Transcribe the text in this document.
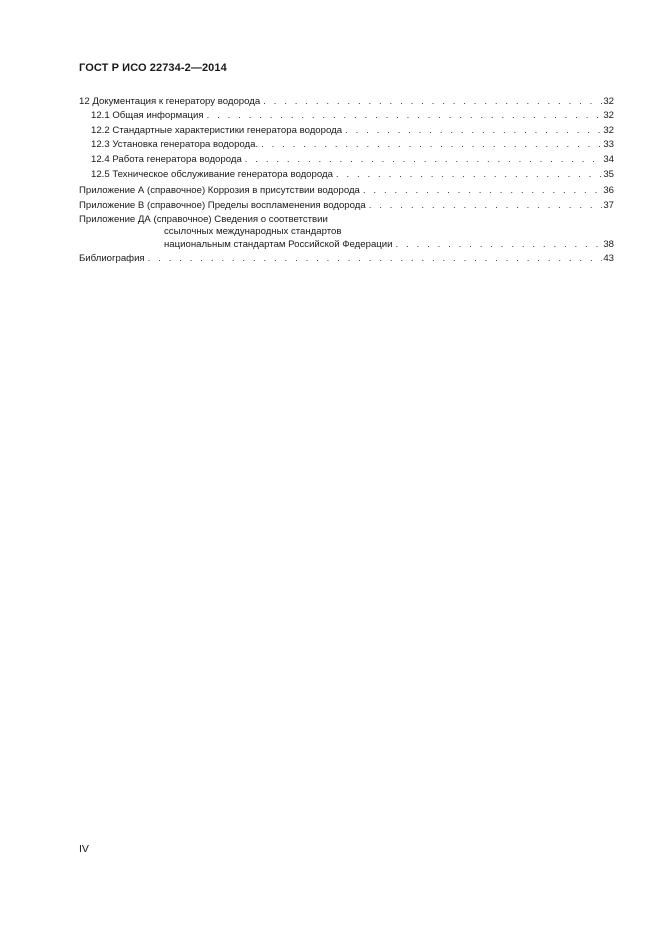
ГОСТ Р ИСО 22734-2—2014
12 Документация к генератору водорода . . .	32
12.1 Общая информация . . .	32
12.2 Стандартные характеристики генератора водорода . . .	32
12.3 Установка генератора водорода. . . .	33
12.4 Работа генератора водорода . . .	34
12.5 Техническое обслуживание генератора водорода . . .	35
Приложение А (справочное) Коррозия в присутствии водорода . . .	36
Приложение В (справочное) Пределы воспламенения водорода . . .	37
Приложение ДА (справочное) Сведения о соответствии
ссылочных международных стандартов
национальным стандартам Российской Федерации . . .	38
Библиография . . .	43
IV
